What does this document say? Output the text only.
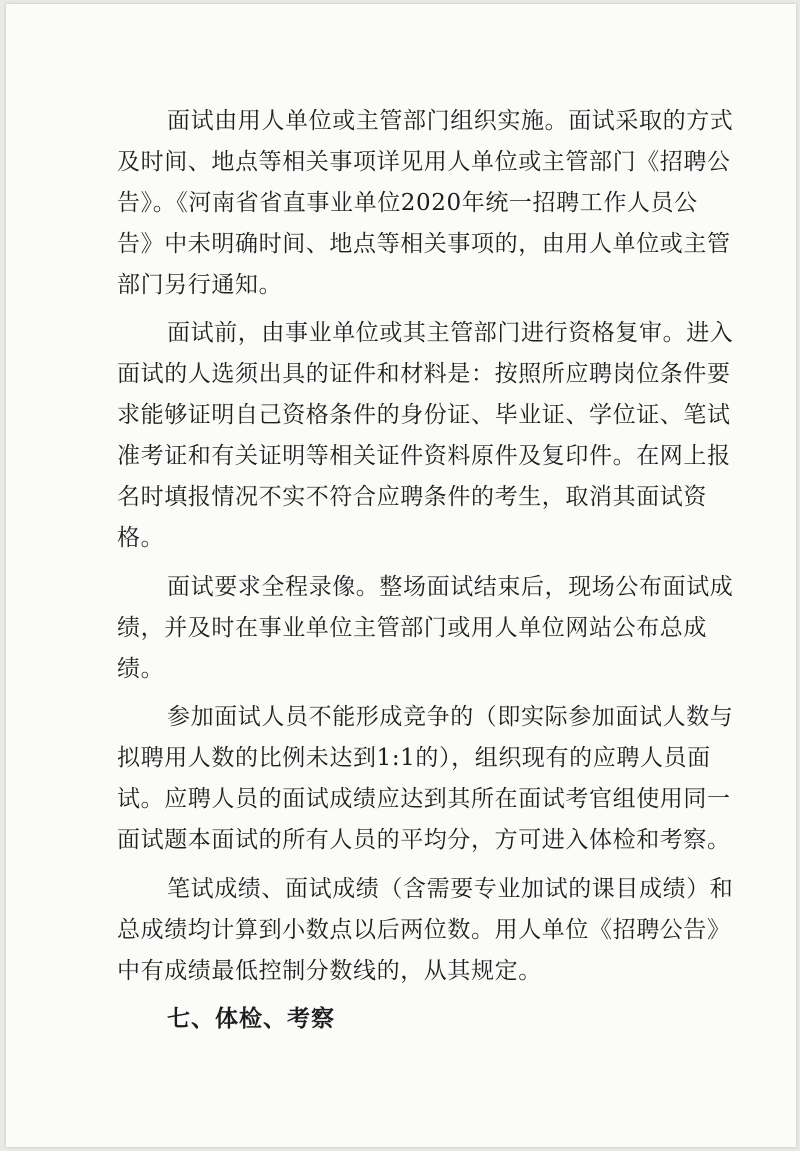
面试由用人单位或主管部门组织实施。面试采取的方式
及时间、地点等相关事项详见用人单位或主管部门《招聘公
告》。《河南省省直事业单位2020年统一招聘工作人员公
告》中未明确时间、地点等相关事项的，由用人单位或主管
部门另行通知。
面试前，由事业单位或其主管部门进行资格复审。进入
面试的人选须出具的证件和材料是：按照所应聘岗位条件要
求能够证明自己资格条件的身份证、毕业证、学位证、笔试
准考证和有关证明等相关证件资料原件及复印件。在网上报
名时填报情况不实不符合应聘条件的考生，取消其面试资
格。
面试要求全程录像。整场面试结束后，现场公布面试成
绩，并及时在事业单位主管部门或用人单位网站公布总成
绩。
参加面试人员不能形成竞争的（即实际参加面试人数与
拟聘用人数的比例未达到1:1的），组织现有的应聘人员面
试。应聘人员的面试成绩应达到其所在面试考官组使用同一
面试题本面试的所有人员的平均分，方可进入体检和考察。
笔试成绩、面试成绩（含需要专业加试的课目成绩）和
总成绩均计算到小数点以后两位数。用人单位《招聘公告》
中有成绩最低控制分数线的，从其规定。
七、体检、考察
